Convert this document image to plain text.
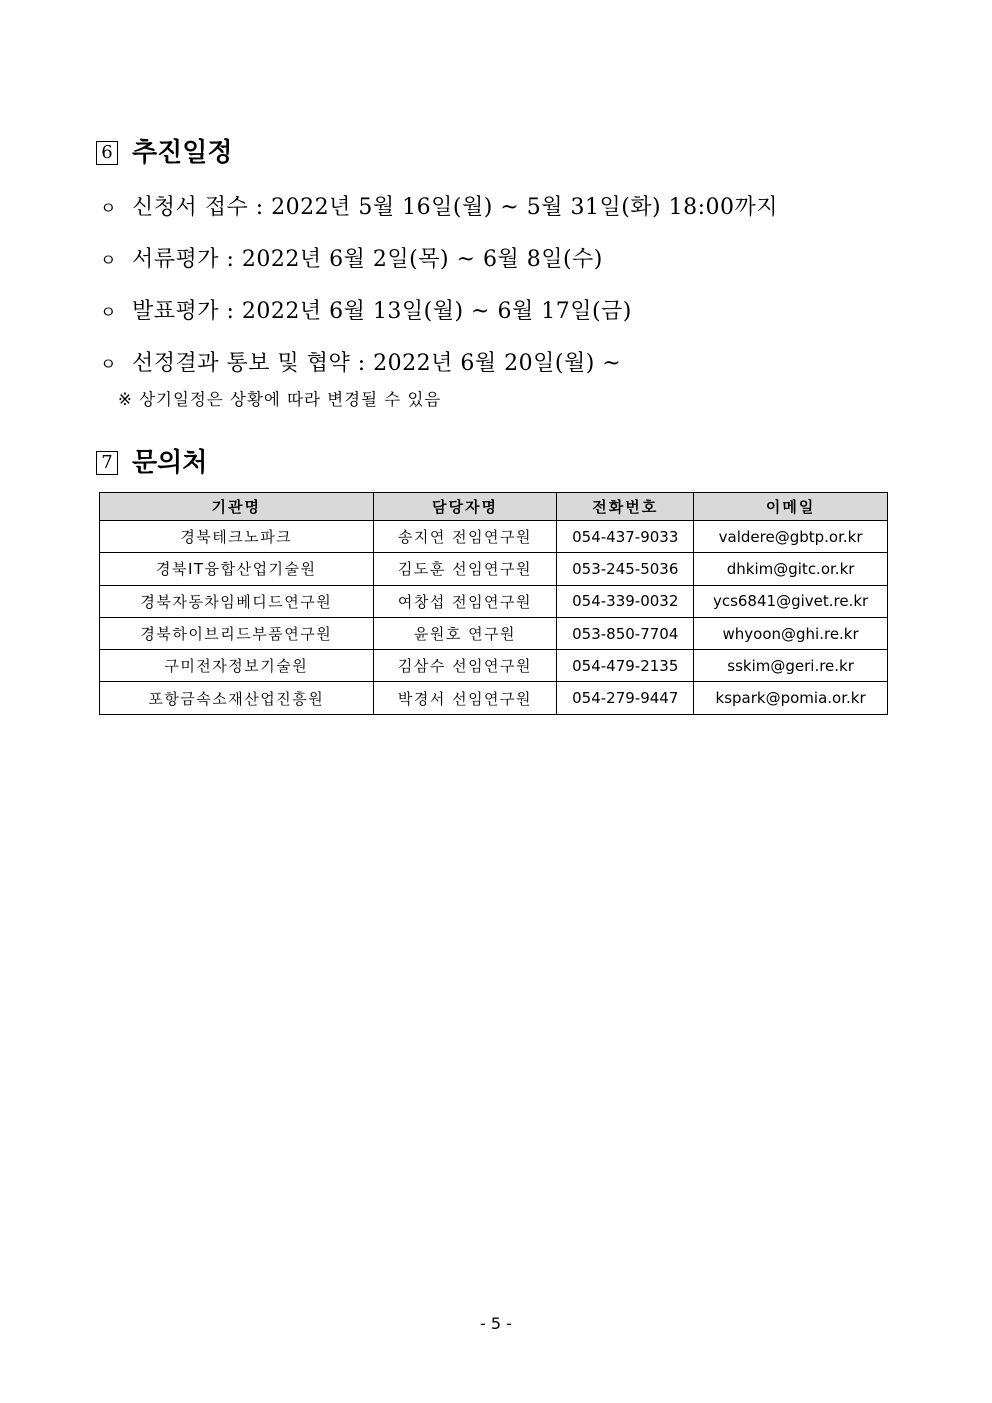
6 추진일정
ㅇ 신청서 접수 : 2022년 5월 16일(월) ~ 5월 31일(화) 18:00까지
ㅇ 서류평가 : 2022년 6월 2일(목) ~ 6월 8일(수)
ㅇ 발표평가 : 2022년 6월 13일(월) ~ 6월 17일(금)
ㅇ 선정결과 통보 및 협약 : 2022년 6월 20일(월) ~
※ 상기일정은 상황에 따라 변경될 수 있음
7 문의처
기관명	담당자명	전화번호	이메일
경북테크노파크	송지연 전임연구원	054-437-9033	valdere@gbtp.or.kr
경북IT융합산업기술원	김도훈 선임연구원	053-245-5036	dhkim@gitc.or.kr
경북자동차임베디드연구원	여창섭 전임연구원	054-339-0032	ycs6841@givet.re.kr
경북하이브리드부품연구원	윤원호 연구원	053-850-7704	whyoon@ghi.re.kr
구미전자정보기술원	김삼수 선임연구원	054-479-2135	sskim@geri.re.kr
포항금속소재산업진흥원	박경서 선임연구원	054-279-9447	kspark@pomia.or.kr
- 5 -
